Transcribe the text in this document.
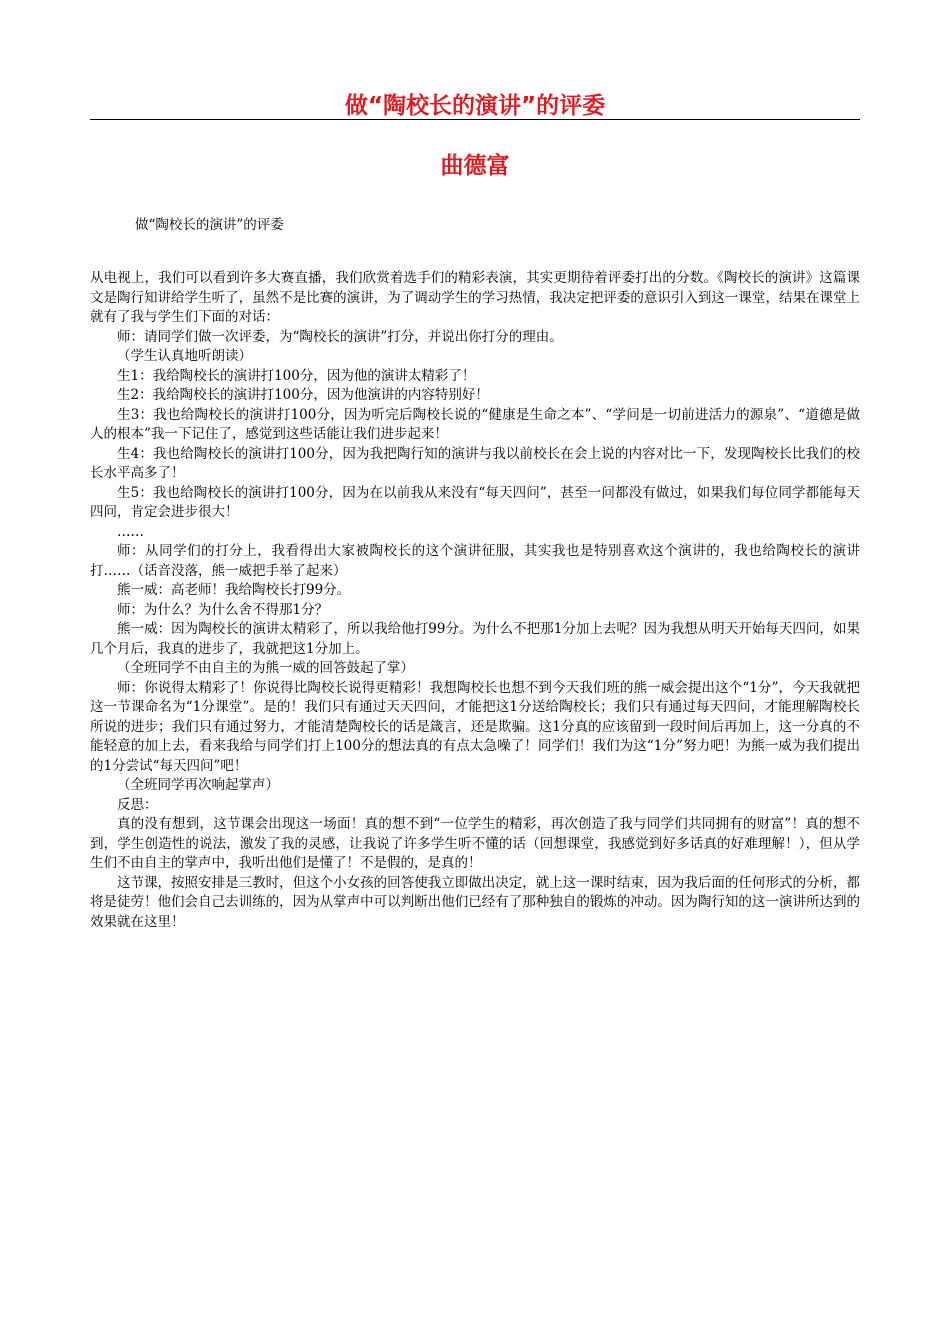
做“陶校长的演讲”的评委
曲德富
做“陶校长的演讲”的评委

从电视上，我们可以看到许多大赛直播，我们欣赏着选手们的精彩表演，其实更期待着评委打出的分数。《陶校长的演讲》这篇课文是陶行知讲给学生听了，虽然不是比赛的演讲，为了调动学生的学习热情，我决定把评委的意识引入到这一课堂，结果在课堂上就有了我与学生们下面的对话：

师：请同学们做一次评委，为“陶校长的演讲”打分，并说出你打分的理由。

（学生认真地听朗读）

生1：我给陶校长的演讲打100分，因为他的演讲太精彩了！

生2：我给陶校长的演讲打100分，因为他演讲的内容特别好！

生3：我也给陶校长的演讲打100分，因为听完后陶校长说的“健康是生命之本”、“学问是一切前进活力的源泉”、“道德是做人的根本”我一下记住了，感觉到这些话能让我们进步起来！

生4：我也给陶校长的演讲打100分，因为我把陶行知的演讲与我以前校长在会上说的内容对比一下，发现陶校长比我们的校长水平高多了！

生5：我也给陶校长的演讲打100分，因为在以前我从来没有“每天四问”，甚至一问都没有做过，如果我们每位同学都能每天四问，肯定会进步很大！

……

师：从同学们的打分上，我看得出大家被陶校长的这个演讲征服，其实我也是特别喜欢这个演讲的，我也给陶校长的演讲打……（话音没落，熊一威把手举了起来）

熊一威：高老师！我给陶校长打99分。

师：为什么？为什么舍不得那1分？

熊一威：因为陶校长的演讲太精彩了，所以我给他打99分。为什么不把那1分加上去呢？因为我想从明天开始每天四问，如果几个月后，我真的进步了，我就把这1分加上。

（全班同学不由自主的为熊一威的回答鼓起了掌）

师：你说得太精彩了！你说得比陶校长说得更精彩！我想陶校长也想不到今天我们班的熊一威会提出这个“1分”，今天我就把这一节课命名为“1分课堂”。是的！我们只有通过天天四问，才能把这1分送给陶校长；我们只有通过每天四问，才能理解陶校长所说的进步；我们只有通过努力，才能清楚陶校长的话是箴言，还是欺骗。这1分真的应该留到一段时间后再加上，这一分真的不能轻意的加上去，看来我给与同学们打上100分的想法真的有点太急噪了！同学们！我们为这“1分”努力吧！为熊一威为我们提出的1分尝试“每天四问”吧！

（全班同学再次响起掌声）

反思：

真的没有想到，这节课会出现这一场面！真的想不到“一位学生的精彩，再次创造了我与同学们共同拥有的财富”！真的想不到，学生创造性的说法，激发了我的灵感，让我说了许多学生听不懂的话（回想课堂，我感觉到好多话真的好难理解！），但从学生们不由自主的掌声中，我听出他们是懂了！不是假的，是真的！

这节课，按照安排是三教时，但这个小女孩的回答使我立即做出决定，就上这一课时结束，因为我后面的任何形式的分析，都将是徒劳！他们会自己去训练的，因为从掌声中可以判断出他们已经有了那种独自的锻炼的冲动。因为陶行知的这一演讲所达到的效果就在这里！
